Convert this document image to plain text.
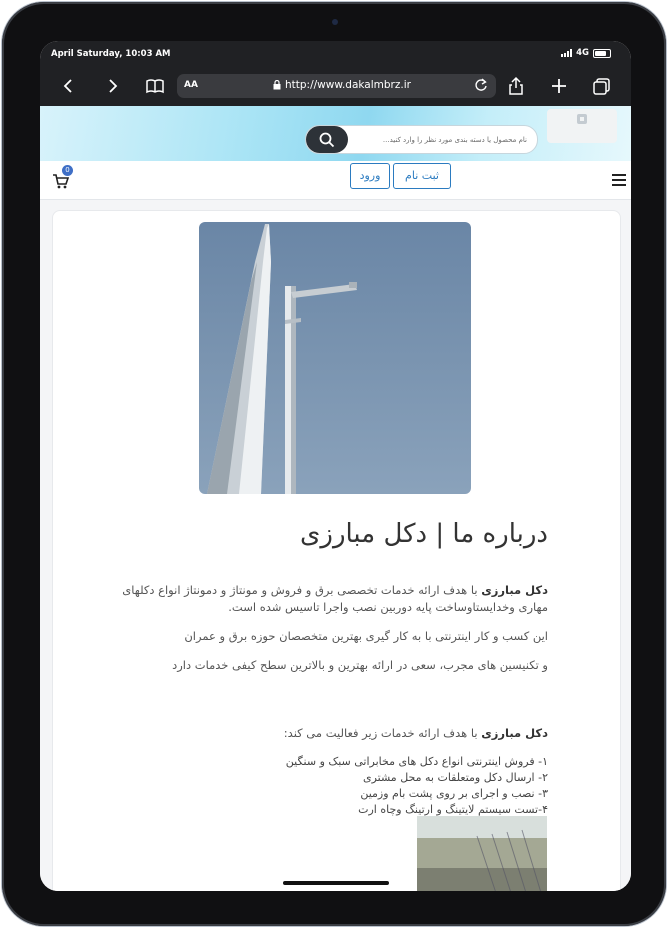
April Saturday, 10:03 AM	4G
AA	http://www.dakalmbrz.ir
نام محصول یا دسته بندی مورد نظر را وارد کنید...
0	ورود	ثبت نام
درباره ما | دکل مبارزی
دکل مبارزی با هدف ارائه خدمات تخصصی برق و فروش و مونتاژ و دمونتاژ انواع دکلهای مهاری وخدایستاوساخت پایه دوربین نصب واجرا تاسیس شده است.
این کسب و کار اینترنتی با به کار گیری بهترین متخصصان حوزه برق و عمران
و تکنیسین های مجرب، سعی در ارائه بهترین و بالاترین سطح کیفی خدمات دارد
دکل مبارزی با هدف ارائه خدمات زیر فعالیت می کند:
۱- فروش اینترنتی انواع دکل های مخابراتی سبک و سنگین
۲- ارسال دکل ومتعلقات به محل مشتری
۳- نصب و اجرای بر روی پشت بام وزمین
۴-تست سیستم لایتینگ و ارتینگ وچاه ارت
